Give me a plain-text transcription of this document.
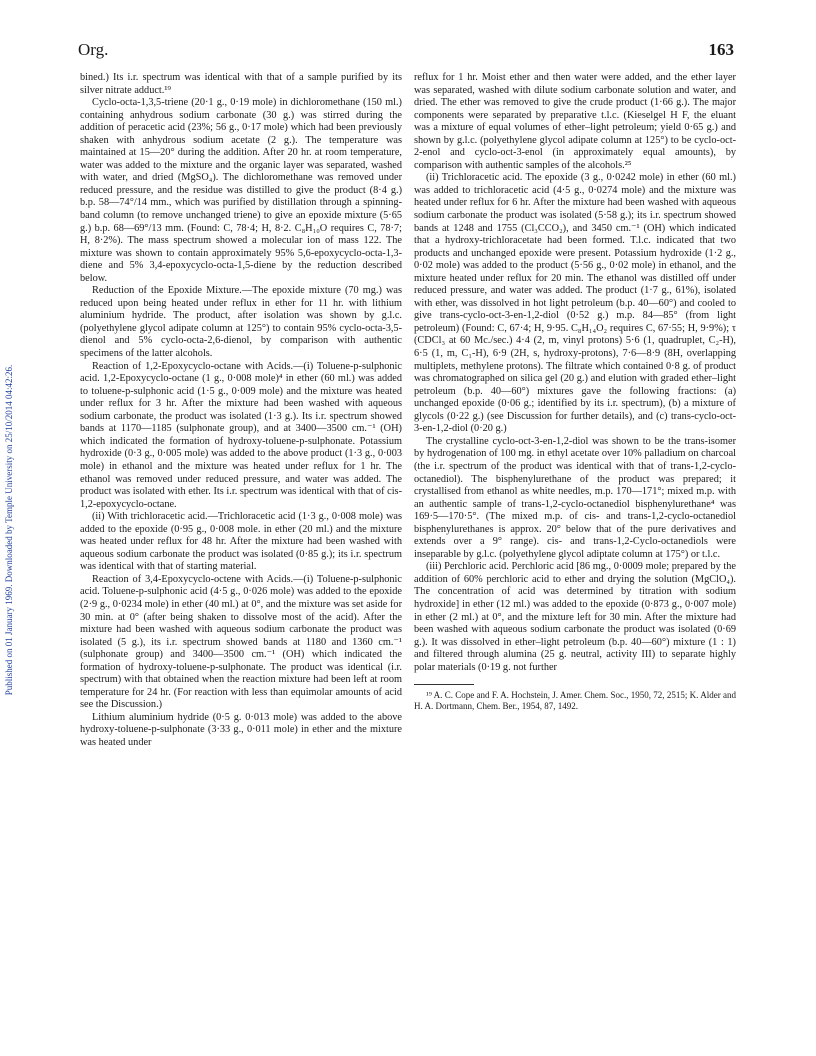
Org.	163
Published on 01 January 1969. Downloaded by Temple University on 25/10/2014 04:42:26.

bined.) Its i.r. spectrum was identical with that of a sample purified by its silver nitrate adduct.¹⁹

Cyclo-octa-1,3,5-triene (20·1 g., 0·19 mole) in dichloromethane (150 ml.) containing anhydrous sodium carbonate (30 g.) was stirred during the addition of peracetic acid (23%; 56 g., 0·17 mole) which had been previously shaken with anhydrous sodium acetate (2 g.). The temperature was maintained at 15—20° during the addition. After 20 hr. at room temperature, water was added to the mixture and the organic layer was separated, washed with water, and dried (MgSO₄). The dichloromethane was removed under reduced pressure, and the residue was distilled to give the product (8·4 g.) b.p. 58—74°/14 mm., which was purified by distillation through a spinning-band column (to remove unchanged triene) to give an epoxide mixture (5·65 g.) b.p. 68—69°/13 mm. (Found: C, 78·4; H, 8·2. C₈H₁₀O requires C, 78·7; H, 8·2%). The mass spectrum showed a molecular ion of mass 122. The mixture was shown to contain approximately 95% 5,6-epoxycyclo-octa-1,3-diene and 5% 3,4-epoxycyclo-octa-1,5-diene by the reduction described below.

Reduction of the Epoxide Mixture.—The epoxide mixture (70 mg.) was reduced upon being heated under reflux in ether for 11 hr. with lithium aluminium hydride. The product, after isolation was shown by g.l.c. (polyethylene glycol adipate column at 125°) to contain 95% cyclo-octa-3,5-dienol and 5% cyclo-octa-2,6-dienol, by comparison with authentic specimens of the latter alcohols.

Reaction of 1,2-Epoxycyclo-octane with Acids.—(i) Toluene-p-sulphonic acid. 1,2-Epoxycyclo-octane (1 g., 0·008 mole)⁴ in ether (60 ml.) was added to toluene-p-sulphonic acid (1·5 g., 0·009 mole) and the mixture was heated under reflux for 3 hr. After the mixture had been washed with aqueous sodium carbonate, the product was isolated (1·3 g.). Its i.r. spectrum showed bands at 1170—1185 (sulphonate group), and at 3400—3500 cm.⁻¹ (OH) which indicated the formation of hydroxy-toluene-p-sulphonate. Potassium hydroxide (0·3 g., 0·005 mole) was added to the above product (1·3 g., 0·003 mole) in ethanol and the mixture was heated under reflux for 1 hr. The ethanol was removed under reduced pressure, and water was added. The product was isolated with ether. Its i.r. spectrum was identical with that of cis-1,2-epoxycyclo-octane.

(ii) With trichloracetic acid.—Trichloracetic acid (1·3 g., 0·008 mole) was added to the epoxide (0·95 g., 0·008 mole. in ether (20 ml.) and the mixture was heated under reflux for 48 hr. After the mixture had been washed with aqueous sodium carbonate the product was isolated (0·85 g.); its i.r. spectrum was identical with that of starting material.

Reaction of 3,4-Epoxycyclo-octene with Acids.—(i) Toluene-p-sulphonic acid. Toluene-p-sulphonic acid (4·5 g., 0·026 mole) was added to the epoxide (2·9 g., 0·0234 mole) in ether (40 ml.) at 0°, and the mixture was set aside for 30 min. at 0° (after being shaken to dissolve most of the acid). After the mixture had been washed with aqueous sodium carbonate the product was isolated (5 g.), its i.r. spectrum showed bands at 1180 and 1360 cm.⁻¹ (sulphonate group) and 3400—3500 cm.⁻¹ (OH) which indicated the formation of hydroxy-toluene-p-sulphonate. The product was identical (i.r. spectrum) with that obtained when the reaction mixture had been left at room temperature for 24 hr. (For reaction with less than equimolar amounts of acid see the Discussion.)

Lithium aluminium hydride (0·5 g. 0·013 mole) was added to the above hydroxy-toluene-p-sulphonate (3·33 g., 0·011 mole) in ether and the mixture was heated under

reflux for 1 hr. Moist ether and then water were added, and the ether layer was separated, washed with dilute sodium carbonate solution and water, and dried. The ether was removed to give the crude product (1·66 g.). The major components were separated by preparative t.l.c. (Kieselgel H F, the eluant was a mixture of equal volumes of ether–light petroleum; yield 0·65 g.) and shown by g.l.c. (polyethylene glycol adipate column at 125°) to be cyclo-oct-2-enol and cyclo-oct-3-enol (in approximately equal amounts), by comparison with authentic samples of the alcohols.²⁵

(ii) Trichloracetic acid. The epoxide (3 g., 0·0242 mole) in ether (60 ml.) was added to trichloracetic acid (4·5 g., 0·0274 mole) and the mixture was heated under reflux for 6 hr. After the mixture had been washed with aqueous sodium carbonate the product was isolated (5·58 g.); its i.r. spectrum showed bands at 1248 and 1755 (Cl₃CCO₂), and 3450 cm.⁻¹ (OH) which indicated that a hydroxy-trichloracetate had been formed. T.l.c. indicated that two products and unchanged epoxide were present. Potassium hydroxide (1·2 g., 0·02 mole) was added to the product (5·56 g., 0·02 mole) in ethanol, and the mixture heated under reflux for 20 min. The ethanol was distilled off under reduced pressure, and water was added. The product (1·7 g., 61%), isolated with ether, was dissolved in hot light petroleum (b.p. 40—60°) and cooled to give trans-cyclo-oct-3-en-1,2-diol (0·52 g.) m.p. 84—85° (from light petroleum) (Found: C, 67·4; H, 9·95. C₈H₁₄O₂ requires C, 67·55; H, 9·9%); τ (CDCl₃ at 60 Mc./sec.) 4·4 (2, m, vinyl protons) 5·6 (1, quadruplet, C₂-H), 6·5 (1, m, C₁-H), 6·9 (2H, s, hydroxy-protons), 7·6—8·9 (8H, overlapping multiplets, methylene protons). The filtrate which contained 0·8 g. of product was chromatographed on silica gel (20 g.) and elution with graded ether–light petroleum (b.p. 40—60°) mixtures gave the following fractions: (a) unchanged epoxide (0·06 g.; identified by its i.r. spectrum), (b) a mixture of glycols (0·22 g.) (see Discussion for further details), and (c) trans-cyclo-oct-3-en-1,2-diol (0·20 g.)

The crystalline cyclo-oct-3-en-1,2-diol was shown to be the trans-isomer by hydrogenation of 100 mg. in ethyl acetate over 10% palladium on charcoal (the i.r. spectrum of the product was identical with that of trans-1,2-cyclo-octanediol). The bisphenylurethane of the product was prepared; it crystallised from ethanol as white needles, m.p. 170—171°; mixed m.p. with an authentic sample of trans-1,2-cyclo-octanediol bisphenylurethane⁴ was 169·5—170·5°. (The mixed m.p. of cis- and trans-1,2-cyclo-octanediol bisphenylurethanes is approx. 20° below that of the pure derivatives and extends over a 9° range). cis- and trans-1,2-Cyclo-octanediols were inseparable by g.l.c. (polyethylene glycol adiptate column at 175°) or t.l.c.

(iii) Perchloric acid. Perchloric acid [86 mg., 0·0009 mole; prepared by the addition of 60% perchloric acid to ether and drying the solution (MgClO₄). The concentration of acid was determined by titration with sodium hydroxide] in ether (12 ml.) was added to the epoxide (0·873 g., 0·007 mole) in ether (2 ml.) at 0°, and the mixture left for 30 min. After the mixture had been washed with aqueous sodium carbonate the product was isolated (0·69 g.). It was dissolved in ether–light petroleum (b.p. 40—60°) mixture (1 : 1) and filtered through alumina (25 g. neutral, activity III) to separate highly polar materials (0·19 g. not further

¹⁹ A. C. Cope and F. A. Hochstein, J. Amer. Chem. Soc., 1950, 72, 2515; K. Alder and H. A. Dortmann, Chem. Ber., 1954, 87, 1492.
